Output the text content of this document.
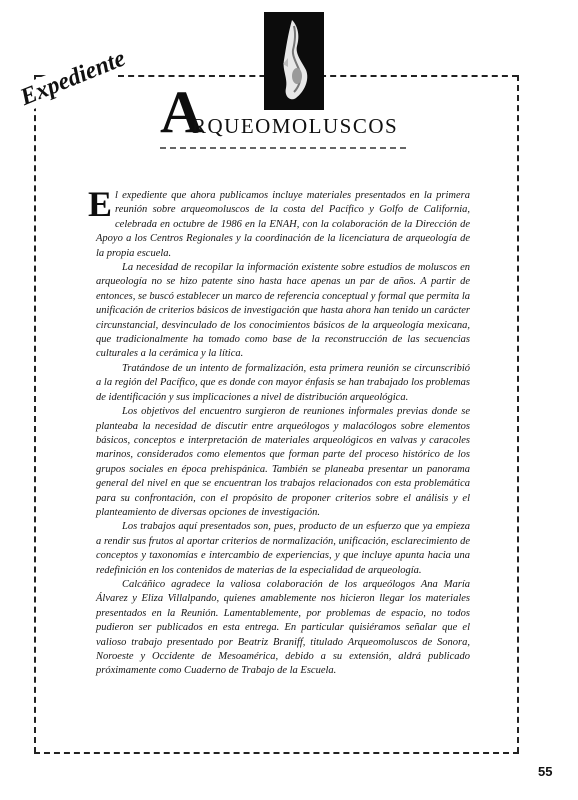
Expediente
A
RQUEOMOLUSCOS

El expediente que ahora publicamos incluye materiales presentados en la primera reunión sobre arqueomoluscos de la costa del Pacífico y Golfo de California, celebrada en octubre de 1986 en la ENAH, con la colaboración de la Dirección de Apoyo a los Centros Regionales y la coordinación de la licenciatura de arqueología de la propia escuela.

La necesidad de recopilar la información existente sobre estudios de moluscos en arqueología no se hizo patente sino hasta hace apenas un par de años. A partir de entonces, se buscó establecer un marco de referencia conceptual y formal que permita la unificación de criterios básicos de investigación que hasta ahora han tenido un carácter circunstancial, desvinculado de los conocimientos básicos de la arqueología mexicana, que tradicionalmente ha tomado como base de la reconstrucción de las secuencias culturales a la cerámica y la lítica.

Tratándose de un intento de formalización, esta primera reunión se circunscribió a la región del Pacífico, que es donde con mayor énfasis se han trabajado los problemas de identificación y sus implicaciones a nivel de distribución arqueológica.

Los objetivos del encuentro surgieron de reuniones informales previas donde se planteaba la necesidad de discutir entre arqueólogos y malacólogos sobre elementos básicos, conceptos e interpretación de materiales arqueológicos en valvas y caracoles marinos, considerados como elementos que forman parte del proceso histórico de los grupos sociales en época prehispánica. También se planeaba presentar un panorama general del nivel en que se encuentran los trabajos relacionados con esta problemática para su confrontación, con el propósito de proponer criterios sobre el análisis y el planteamiento de diversas opciones de investigación.

Los trabajos aquí presentados son, pues, producto de un esfuerzo que ya empieza a rendir sus frutos al aportar criterios de normalización, unificación, esclarecimiento de conceptos y taxonomías e intercambio de experiencias, y que incluye apunta hacia una redefinición en los contenidos de materias de la especialidad de arqueología.

Calcáñico agradece la valiosa colaboración de los arqueólogos Ana María Álvarez y Eliza Villalpando, quienes amablemente nos hicieron llegar los materiales presentados en la Reunión. Lamentablemente, por problemas de espacio, no todos pudieron ser publicados en esta entrega. En particular quisiéramos señalar que el valioso trabajo presentado por Beatriz Braniff, titulado Arqueomoluscos de Sonora, Noroeste y Occidente de Mesoamérica, debido a su extensión, aldrá publicado próximamente como Cuaderno de Trabajo de la Escuela.

55
